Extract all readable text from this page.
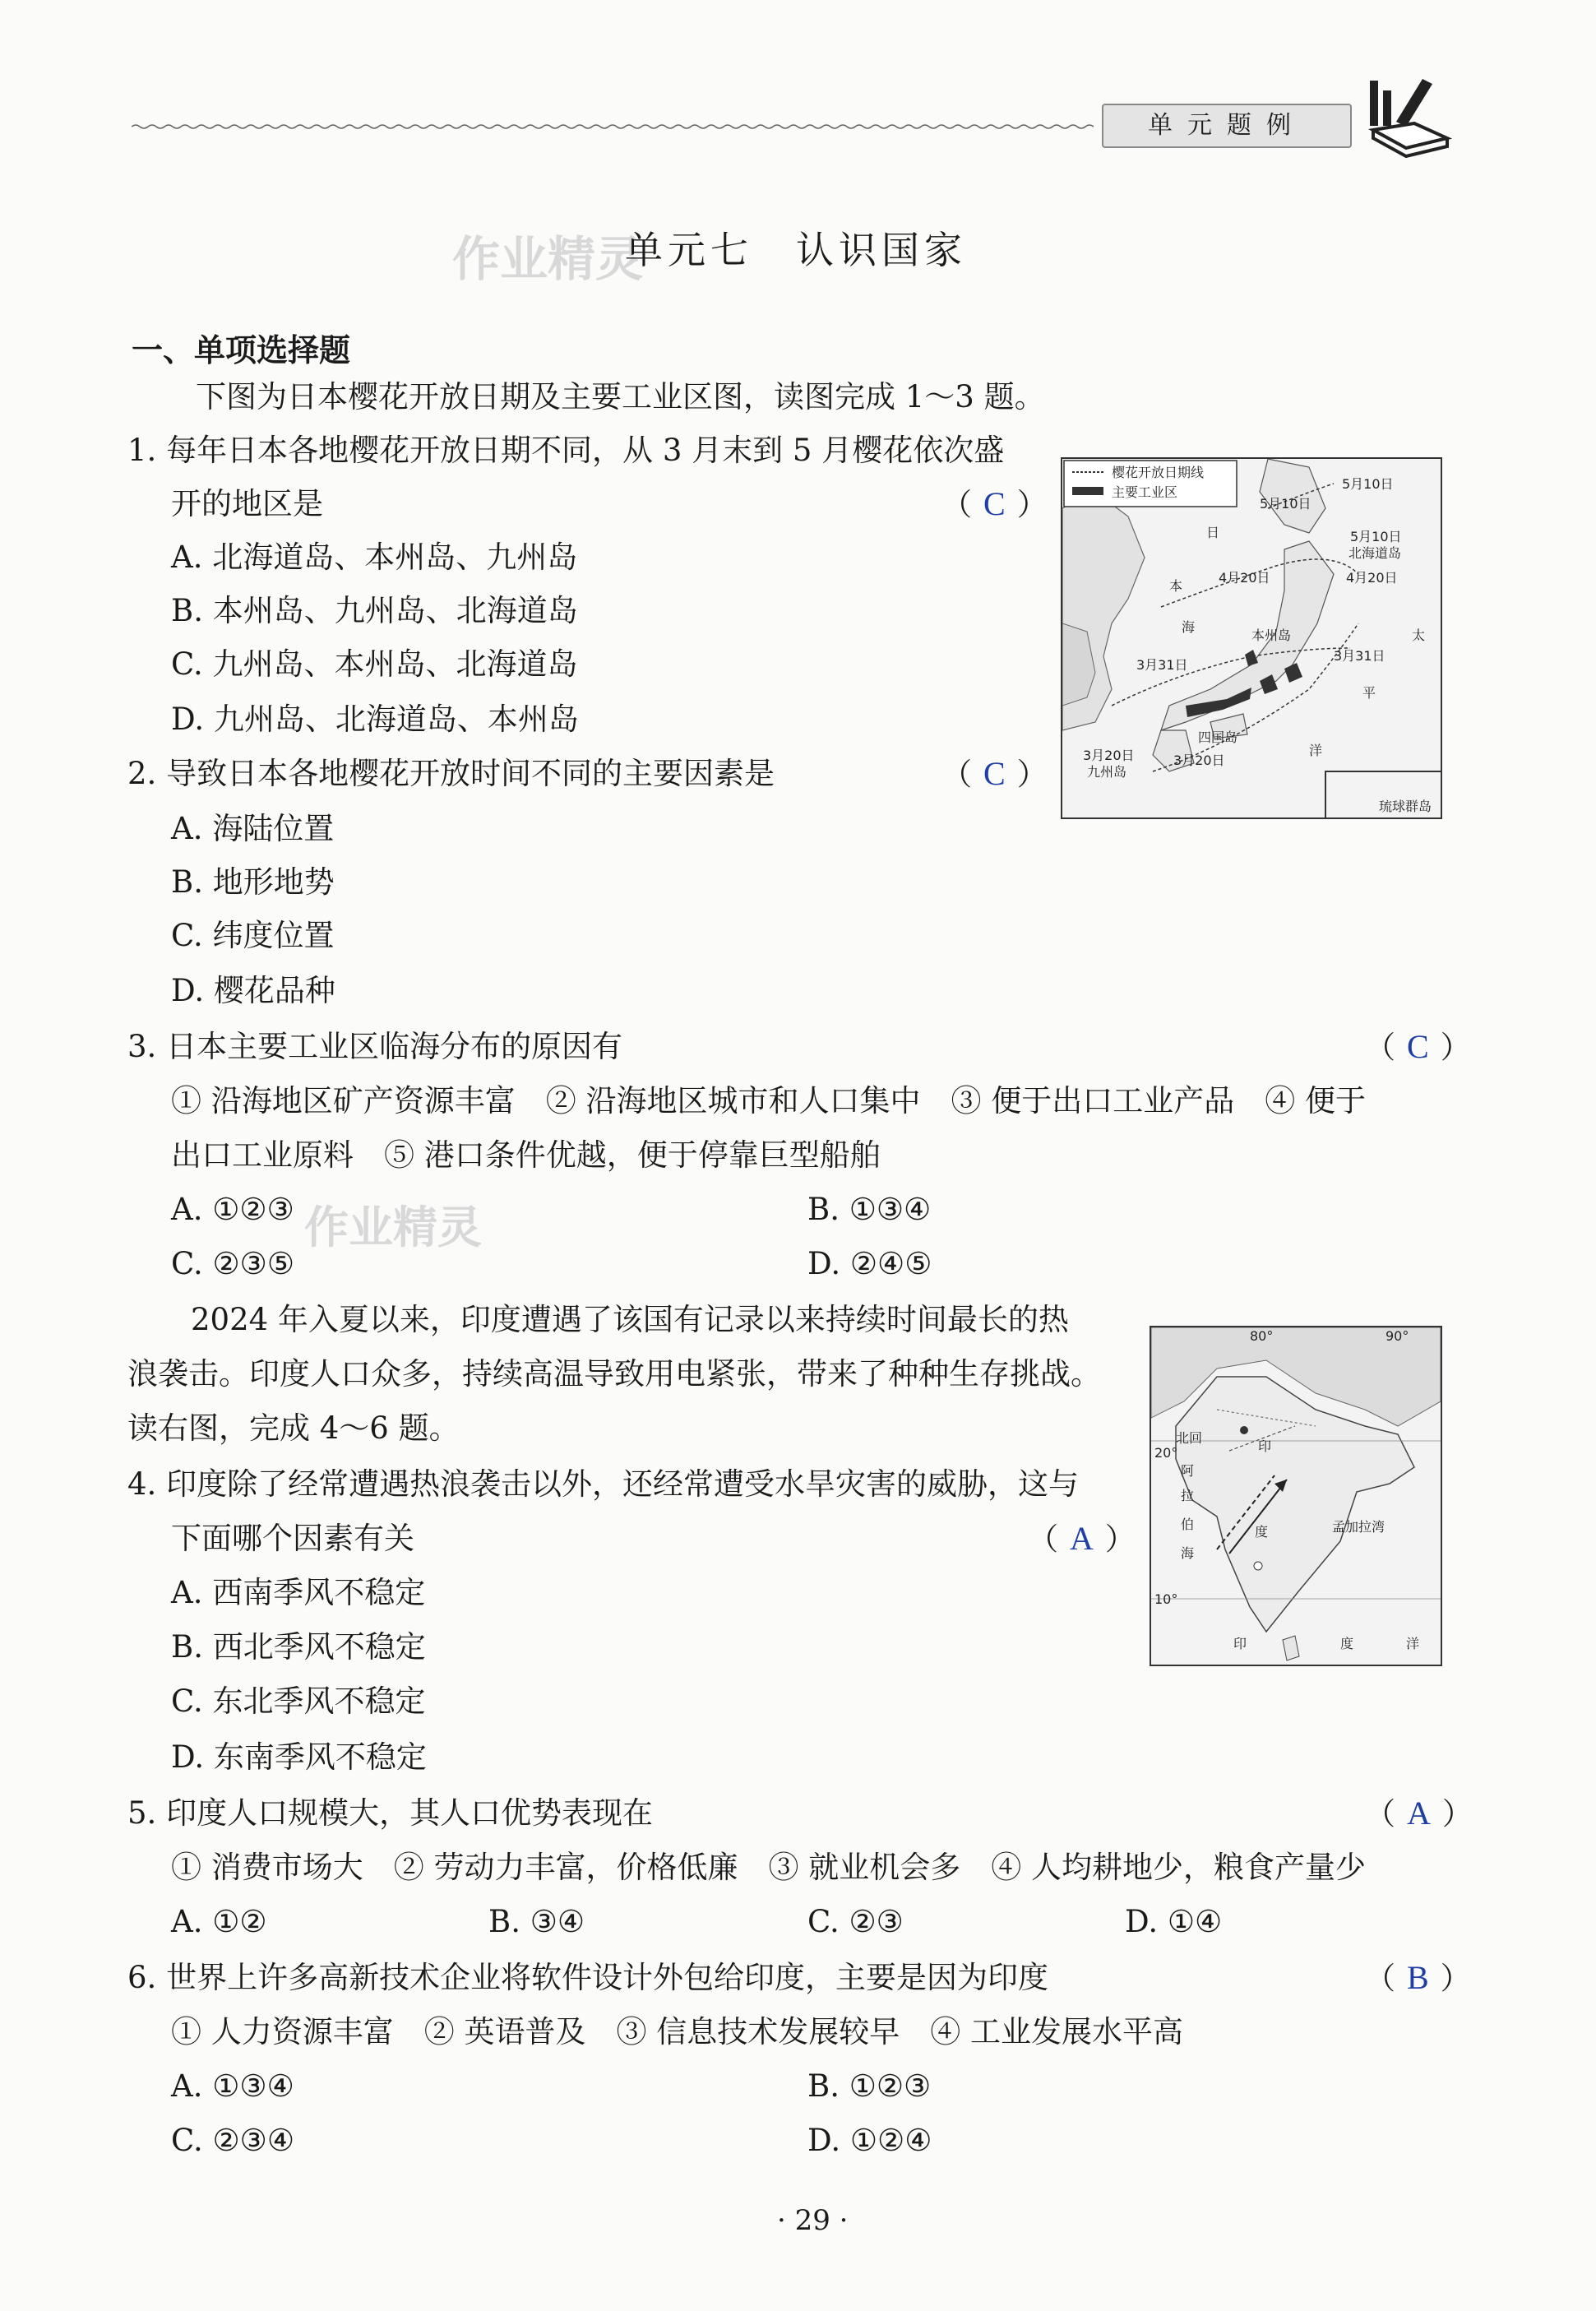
单元题例
作业精灵
单元七　认识国家
一、单项选择题
下图为日本樱花开放日期及主要工业区图，读图完成 1～3 题。
1. 每年日本各地樱花开放日期不同，从 3 月末到 5 月樱花依次盛
开的地区是	（ C ）
A. 北海道岛、本州岛、九州岛
B. 本州岛、九州岛、北海道岛
C. 九州岛、本州岛、北海道岛
D. 九州岛、北海道岛、本州岛
樱花开放日期线
主要工业区
5月10日
5月10日
5月10日
北海道岛
4月20日	4月20日
日
本
本州岛
3月31日
3月31日
海
太
平
洋
四国岛
3月20日	3月20日
九州岛
琉球群岛
2. 导致日本各地樱花开放时间不同的主要因素是	（ C ）
A. 海陆位置
B. 地形地势
C. 纬度位置
D. 樱花品种
3. 日本主要工业区临海分布的原因有	（ C ）
① 沿海地区矿产资源丰富　② 沿海地区城市和人口集中　③ 便于出口工业产品　④ 便于
出口工业原料　⑤ 港口条件优越，便于停靠巨型船舶
A. ①②③	B. ①③④
作业精灵
C. ②③⑤	D. ②④⑤
2024 年入夏以来，印度遭遇了该国有记录以来持续时间最长的热
浪袭击。印度人口众多，持续高温导致用电紧张，带来了种种生存挑战。
读右图，完成 4～6 题。
80°	90°
20°
10°
北回
阿
拉
伯
印
度	孟加拉湾
海
印	度	洋
4. 印度除了经常遭遇热浪袭击以外，还经常遭受水旱灾害的威胁，这与
下面哪个因素有关	（ A ）
A. 西南季风不稳定
B. 西北季风不稳定
C. 东北季风不稳定
D. 东南季风不稳定
5. 印度人口规模大，其人口优势表现在	（ A ）
① 消费市场大　② 劳动力丰富，价格低廉　③ 就业机会多　④ 人均耕地少，粮食产量少
A. ①②	B. ③④	C. ②③	D. ①④
6. 世界上许多高新技术企业将软件设计外包给印度，主要是因为印度	（ B ）
① 人力资源丰富　② 英语普及　③ 信息技术发展较早　④ 工业发展水平高
A. ①③④	B. ①②③
C. ②③④	D. ①②④
· 29 ·
